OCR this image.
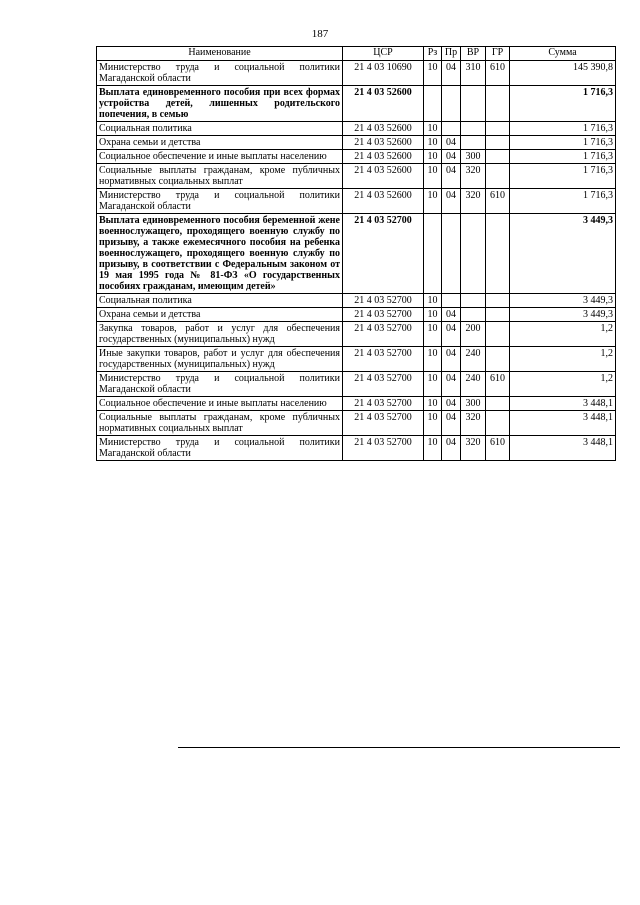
187
Наименование	ЦСР	Рз	Пр	ВР	ГР	Сумма
Министерство труда и социальной политики Магаданской области	21 4 03 10690	10	04	310	610	145 390,8
Выплата единовременного пособия при всех формах устройства детей, лишенных родительского попечения, в семью	21 4 03 52600					1 716,3
Социальная политика	21 4 03 52600	10				1 716,3
Охрана семьи и детства	21 4 03 52600	10	04			1 716,3
Социальное обеспечение и иные выплаты населению	21 4 03 52600	10	04	300		1 716,3
Социальные выплаты гражданам, кроме публичных нормативных социальных выплат	21 4 03 52600	10	04	320		1 716,3
Министерство труда и социальной политики Магаданской области	21 4 03 52600	10	04	320	610	1 716,3
Выплата единовременного пособия беременной жене военнослужащего, проходящего военную службу по призыву, а также ежемесячного пособия на ребенка военнослужащего, проходящего военную службу по призыву, в соответствии с Федеральным законом от 19 мая 1995 года № 81-ФЗ «О государственных пособиях гражданам, имеющим детей»	21 4 03 52700					3 449,3
Социальная политика	21 4 03 52700	10				3 449,3
Охрана семьи и детства	21 4 03 52700	10	04			3 449,3
Закупка товаров, работ и услуг для обеспечения государственных (муниципальных) нужд	21 4 03 52700	10	04	200		1,2
Иные закупки товаров, работ и услуг для обеспечения государственных (муниципальных) нужд	21 4 03 52700	10	04	240		1,2
Министерство труда и социальной политики Магаданской области	21 4 03 52700	10	04	240	610	1,2
Социальное обеспечение и иные выплаты населению	21 4 03 52700	10	04	300		3 448,1
Социальные выплаты гражданам, кроме публичных нормативных социальных выплат	21 4 03 52700	10	04	320		3 448,1
Министерство труда и социальной политики Магаданской области	21 4 03 52700	10	04	320	610	3 448,1
